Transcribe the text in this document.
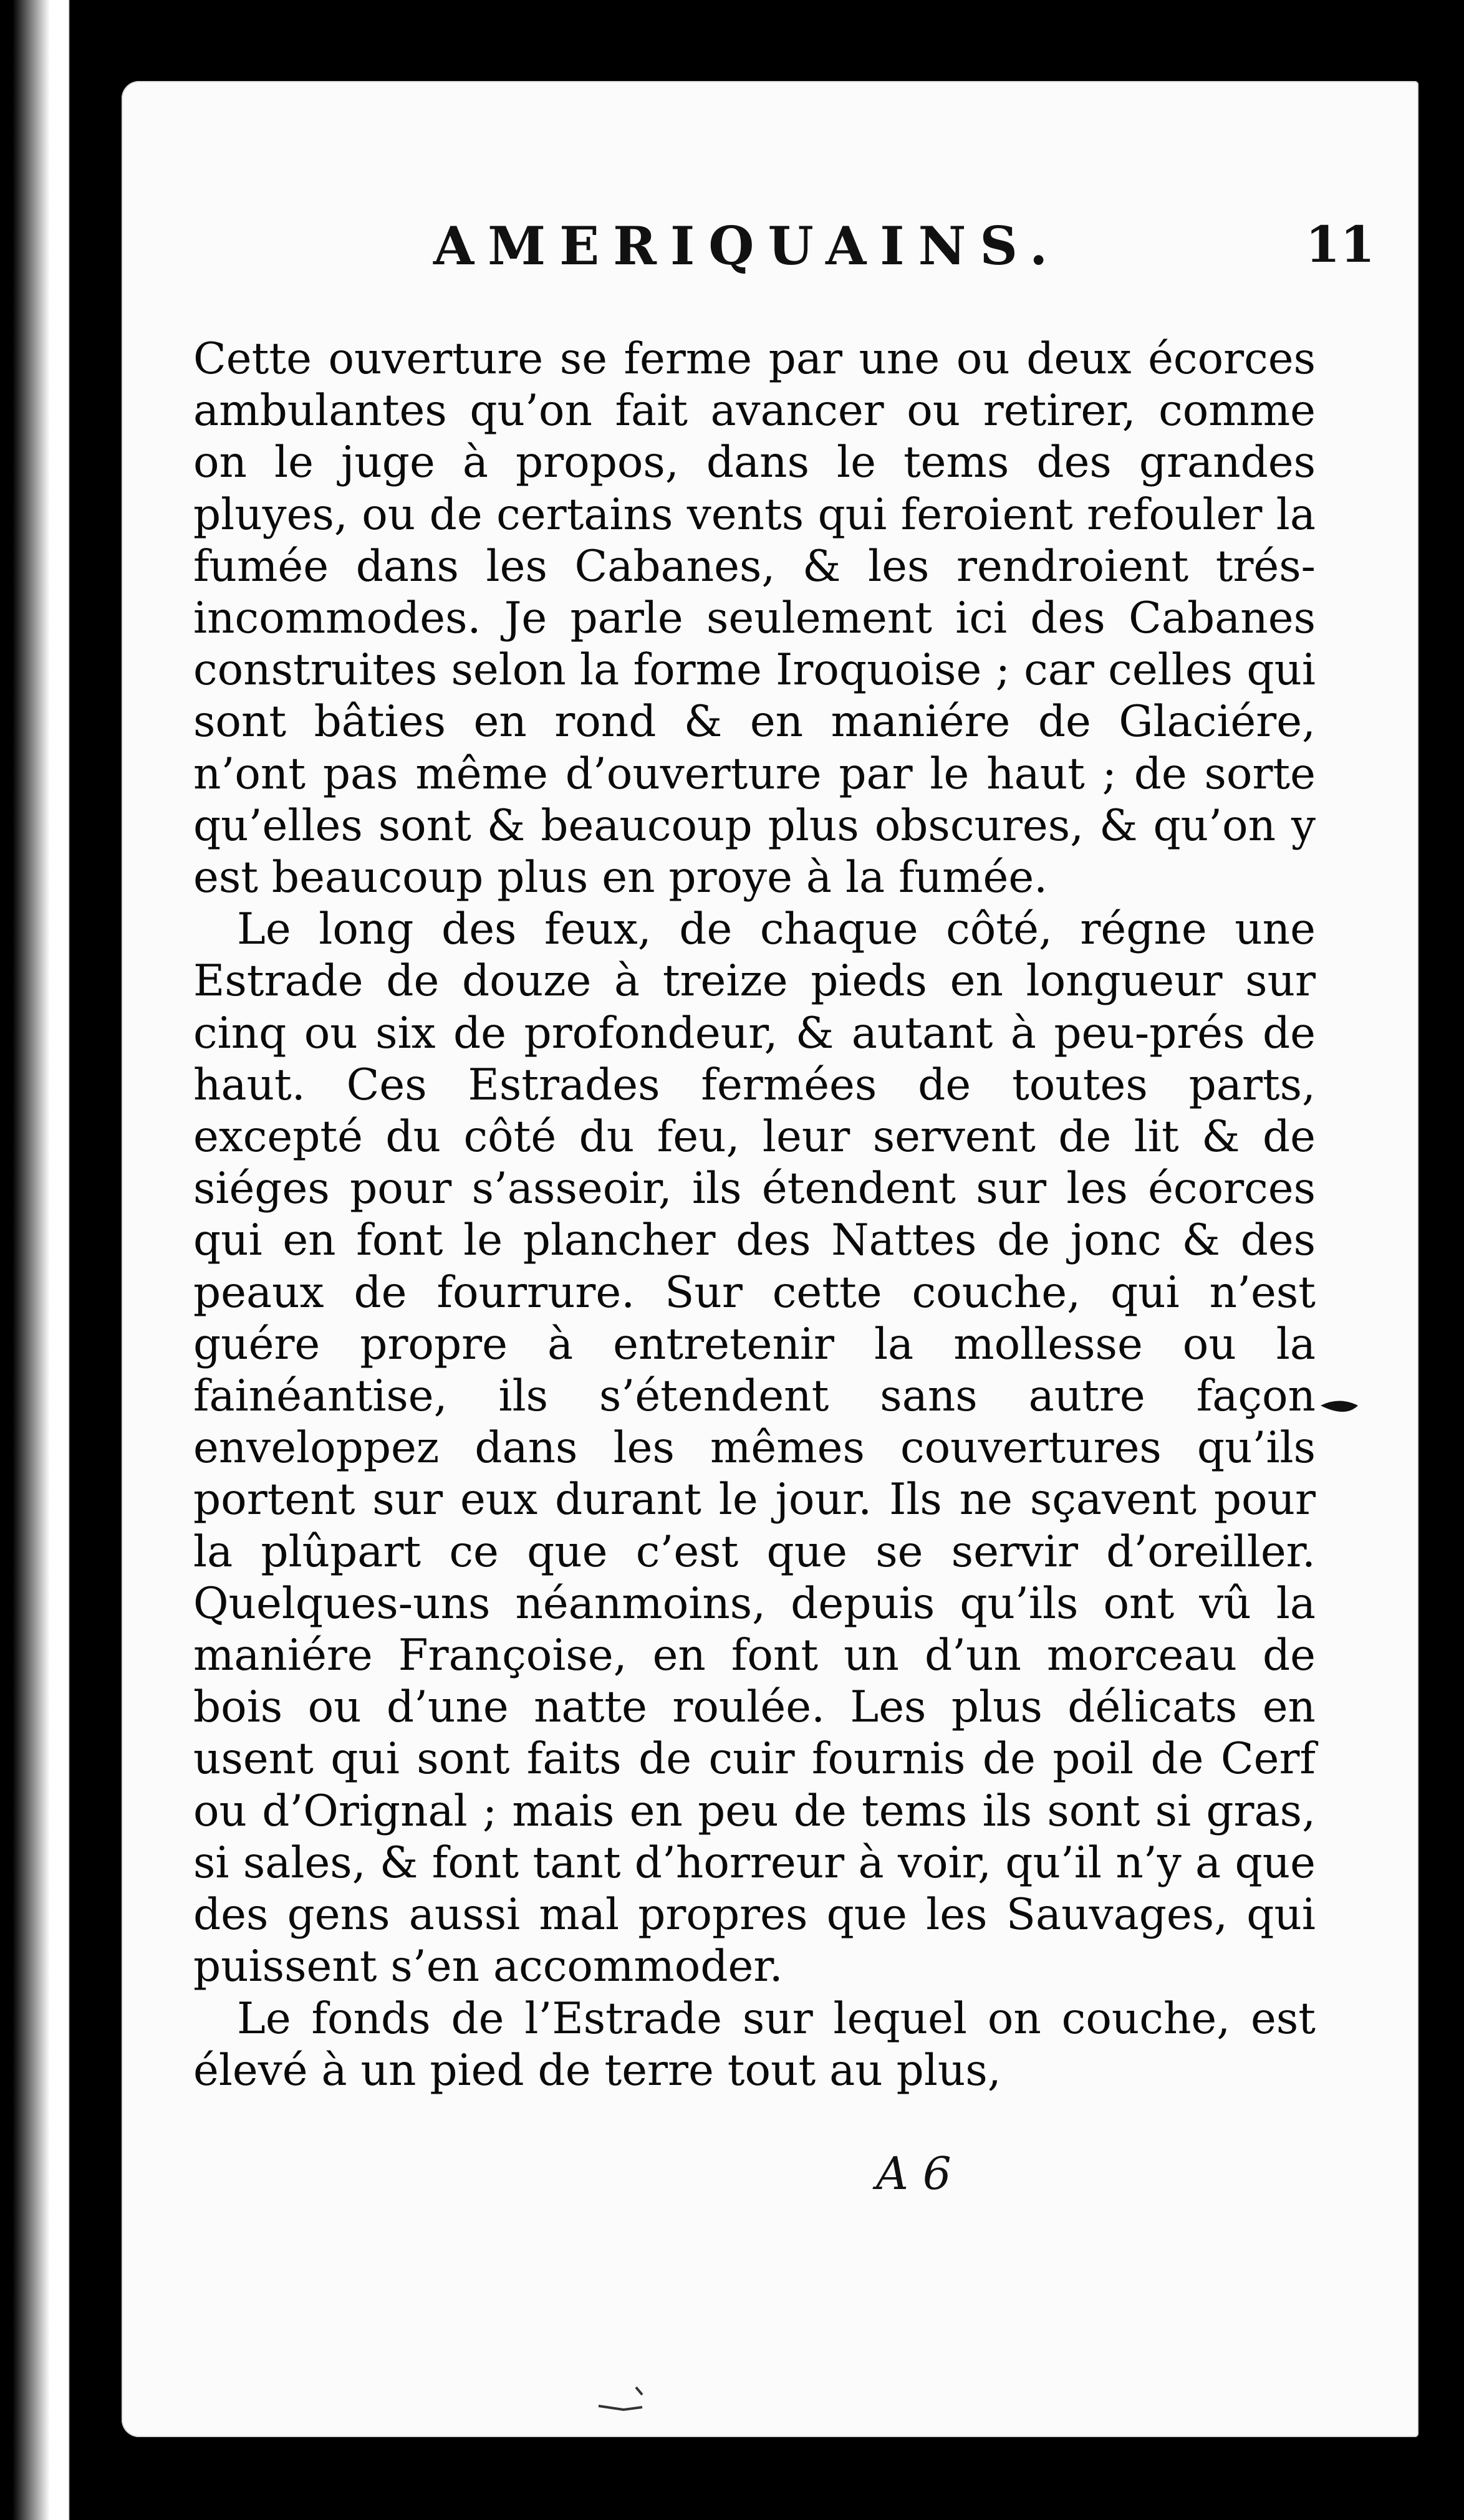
AMERIQUAINS.	11

Cette ouverture se ferme par une ou deux écorces ambulantes qu’on fait avancer ou retirer, comme on le juge à propos, dans le tems des grandes pluyes, ou de certains vents qui feroient refouler la fumée dans les Cabanes, & les rendroient trés-incommodes. Je parle seulement ici des Cabanes construites selon la forme Iroquoise ; car celles qui sont bâties en rond & en maniére de Glaciére, n’ont pas même d’ouverture par le haut ; de sorte qu’elles sont & beaucoup plus obscures, & qu’on y est beaucoup plus en proye à la fumée.

Le long des feux, de chaque côté, régne une Estrade de douze à treize pieds en longueur sur cinq ou six de profondeur, & autant à peu-prés de haut. Ces Estrades fermées de toutes parts, excepté du côté du feu, leur servent de lit & de siéges pour s’asseoir, ils étendent sur les écorces qui en font le plancher des Nattes de jonc & des peaux de fourrure. Sur cette couche, qui n’est guére propre à entretenir la mollesse ou la fainéantise, ils s’étendent sans autre façon enveloppez dans les mêmes couvertures qu’ils portent sur eux durant le jour. Ils ne sçavent pour la plûpart ce que c’est que se servir d’oreiller. Quelques-uns néanmoins, depuis qu’ils ont vû la maniére Françoise, en font un d’un morceau de bois ou d’une natte roulée. Les plus délicats en usent qui sont faits de cuir fournis de poil de Cerf ou d’Orignal ; mais en peu de tems ils sont si gras, si sales, & font tant d’horreur à voir, qu’il n’y a que des gens aussi mal propres que les Sauvages, qui puissent s’en accommoder.

Le fonds de l’Estrade sur lequel on couche, est élevé à un pied de terre tout au plus,

A 6
